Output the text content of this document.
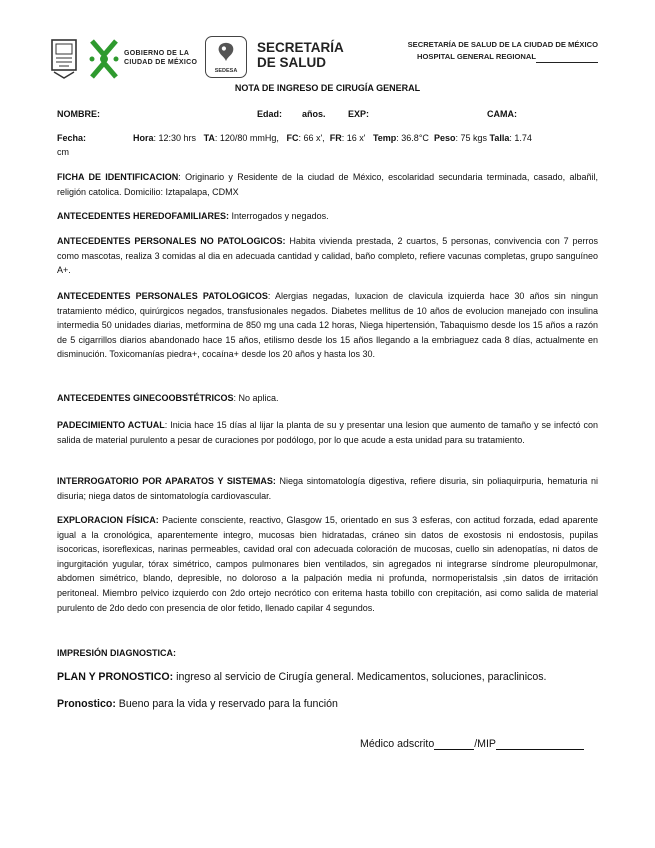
GOBIERNO DE LA
CIUDAD DE MÉXICO
SEDESA
SECRETARÍA
DE SALUD
SECRETARÍA DE SALUD DE LA CIUDAD DE MÉXICO
HOSPITAL GENERAL REGIONAL
NOTA DE INGRESO DE CIRUGÍA GENERAL
NOMBRE:	Edad: años. EXP:	CAMA:
Fecha:	Hora: 12:30 hrs TA: 120/80 mmHg, FC: 66 x', FR: 16 x' Temp: 36.8°C Peso: 75 kgs Talla: 1.74
cm
FICHA DE IDENTIFICACION: Originario y Residente de la ciudad de México, escolaridad secundaria terminada, casado, albañil, religión catolica. Domicilio: Iztapalapa, CDMX
ANTECEDENTES HEREDOFAMILIARES: Interrogados y negados.
ANTECEDENTES PERSONALES NO PATOLOGICOS: Habita vivienda prestada, 2 cuartos, 5 personas, convivencia con 7 perros como mascotas, realiza 3 comidas al dia en adecuada cantidad y calidad, baño completo, refiere vacunas completas, grupo sanguíneo A+.
ANTECEDENTES PERSONALES PATOLOGICOS: Alergias negadas, luxacion de clavicula izquierda hace 30 años sin ningun tratamiento médico, quirúrgicos negados, transfusionales negados. Diabetes mellitus de 10 años de evolucion manejado con insulina intermedia 50 unidades diarias, metformina de 850 mg una cada 12 horas, Niega hipertensión, Tabaquismo desde los 15 años a razón de 5 cigarrillos diarios abandonado hace 15 años, etilismo desde los 15 años llegando a la embriaguez cada 8 días, actualmente en disminución. Toxicomanías piedra+, cocaína+ desde los 20 años y hasta los 30.
ANTECEDENTES GINECOOBSTÉTRICOS: No aplica.
PADECIMIENTO ACTUAL: Inicia hace 15 días al lijar la planta de su y presentar una lesion que aumento de tamaño y se infectó con salida de material purulento a pesar de curaciones por podólogo, por lo que acude a esta unidad para su tratamiento.
INTERROGATORIO POR APARATOS Y SISTEMAS: Niega sintomatología digestiva, refiere disuria, sin poliaquirpuria, hematuria ni disuria; niega datos de sintomatología cardiovascular.
EXPLORACION FÍSICA: Paciente consciente, reactivo, Glasgow 15, orientado en sus 3 esferas, con actitud forzada, edad aparente igual a la cronológica, aparentemente integro, mucosas bien hidratadas, cráneo sin datos de exostosis ni endostosis, pupilas isocoricas, isoreflexicas, narinas permeables, cavidad oral con adecuada coloración de mucosas, cuello sin adenopatías, ni datos de ingurgitación yugular, tórax simétrico, campos pulmonares bien ventilados, sin agregados ni integrarse síndrome pleuropulmonar, abdomen simétrico, blando, depresible, no doloroso a la palpación media ni profunda, normoperistalsis ,sin datos de irritación peritoneal. Miembro pelvico izquierdo con 2do ortejo necrótico con eritema hasta tobillo con crepitación, asi como salida de material purulento de 2do dedo con presencia de olor fetido, llenado capilar 4 segundos.
IMPRESIÓN DIAGNOSTICA:
PLAN Y PRONOSTICO: ingreso al servicio de Cirugía general. Medicamentos, soluciones, paraclinicos.
Pronostico: Bueno para la vida y reservado para la función
Médico adscrito	/MIP
